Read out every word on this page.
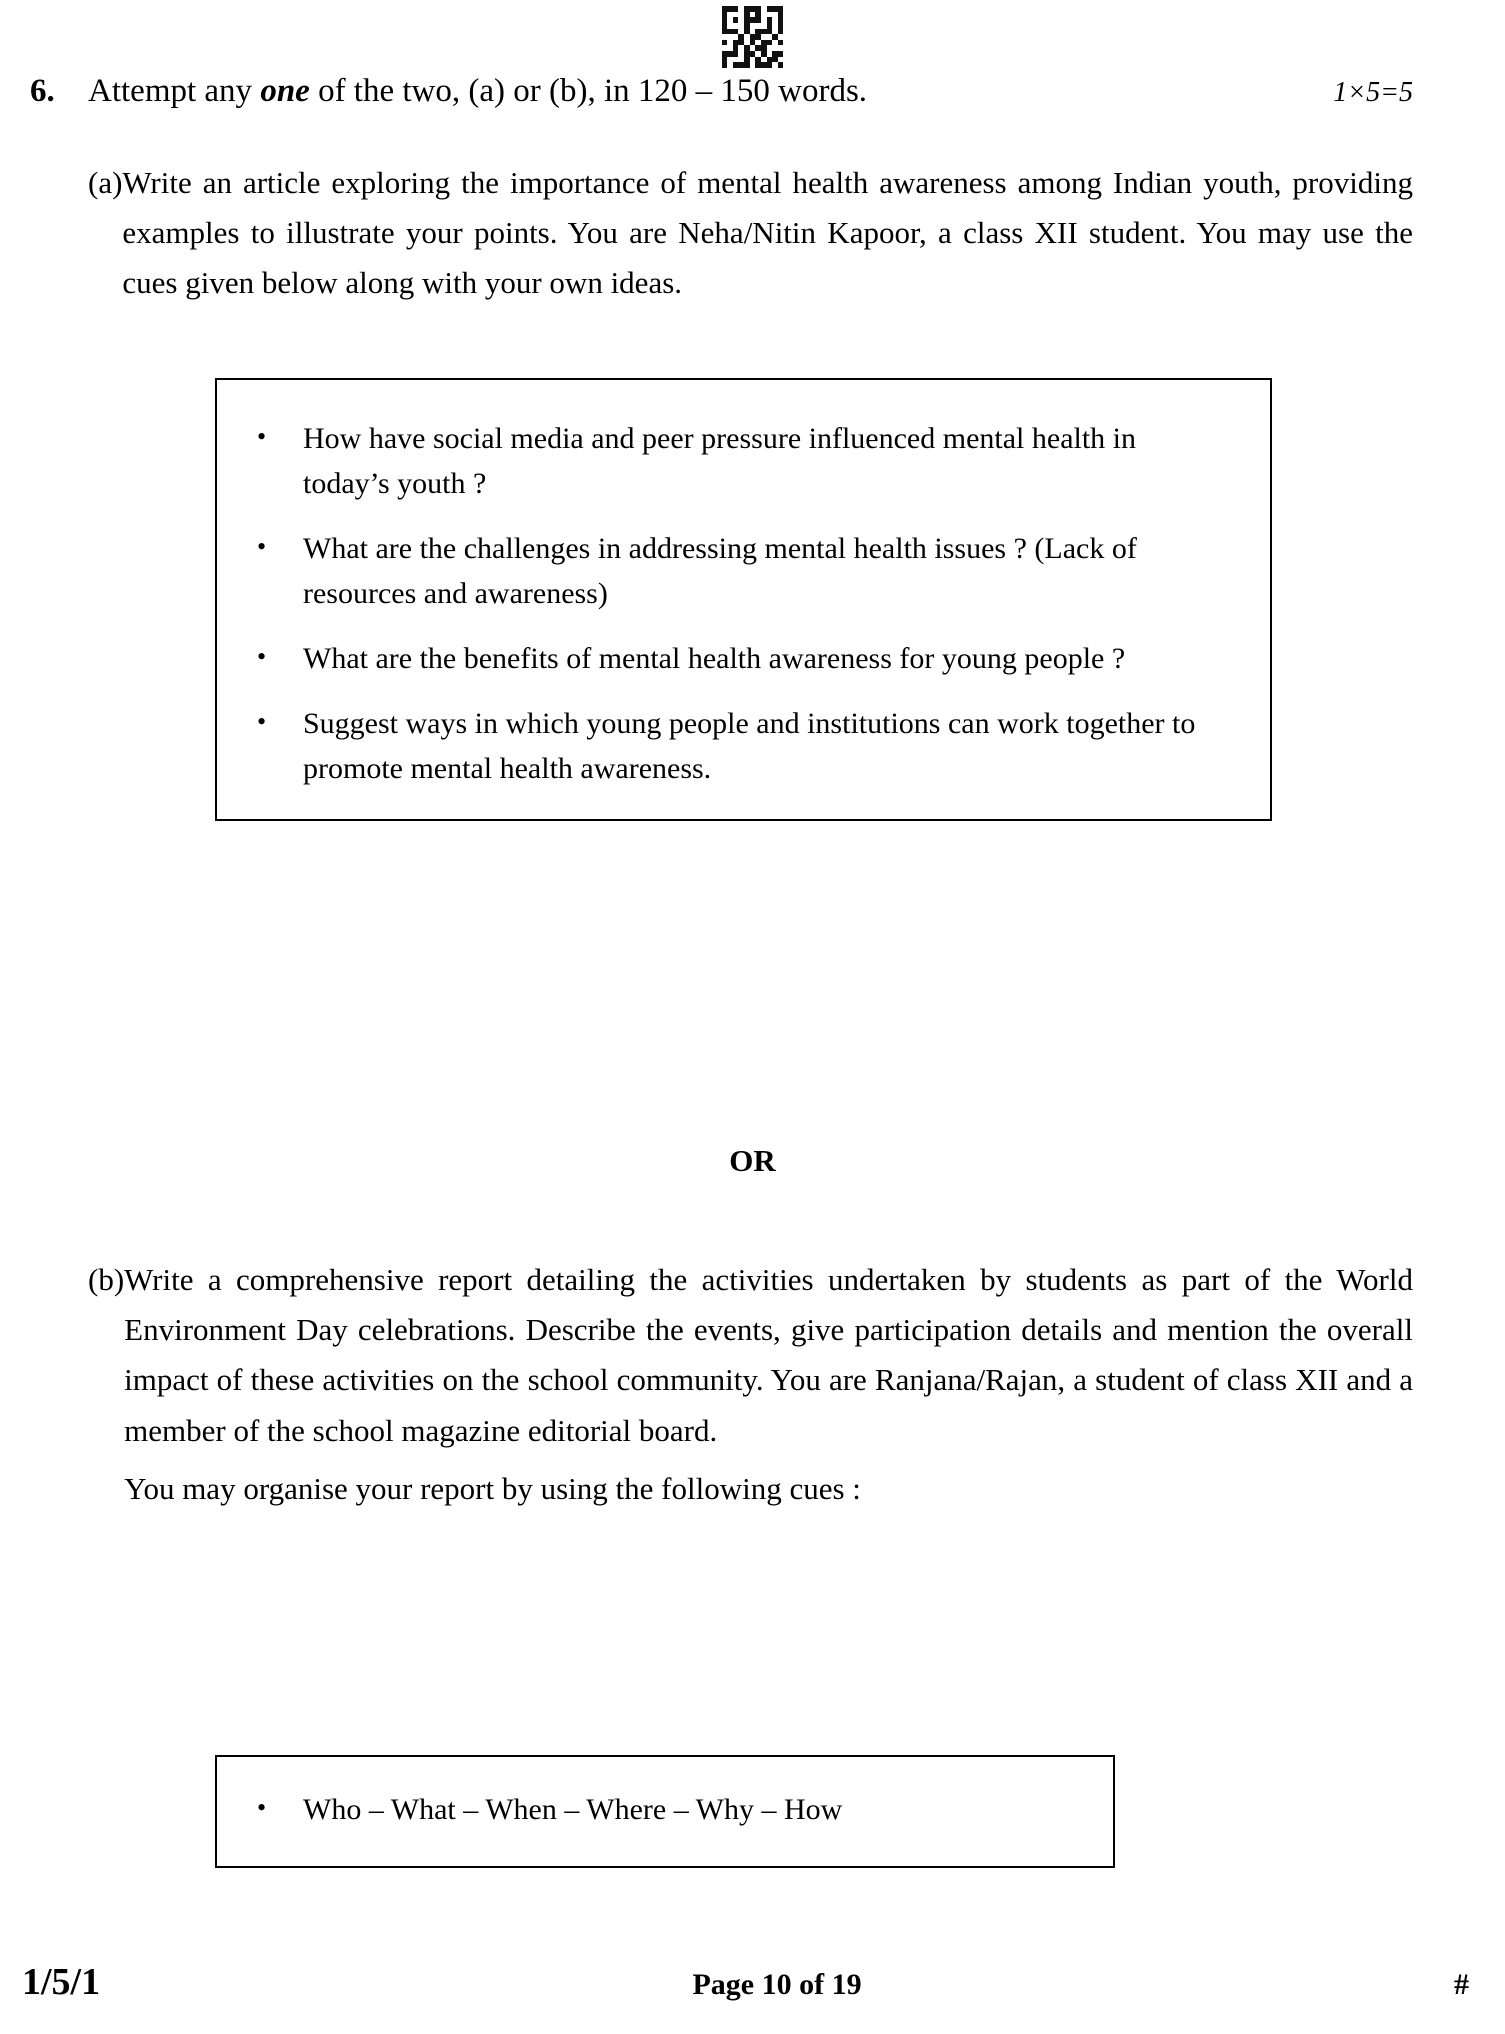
6.	Attempt any one of the two, (a) or (b), in 120 – 150 words.	1×5=5
(a) Write an article exploring the importance of mental health awareness among Indian youth, providing examples to illustrate your points. You are Neha/Nitin Kapoor, a class XII student. You may use the cues given below along with your own ideas.

•	How have social media and peer pressure influenced mental health in today’s youth ?
•	What are the challenges in addressing mental health issues ? (Lack of resources and awareness)
•	What are the benefits of mental health awareness for young people ?
•	Suggest ways in which young people and institutions can work together to promote mental health awareness.
OR
(b) Write a comprehensive report detailing the activities undertaken by students as part of the World Environment Day celebrations. Describe the events, give participation details and mention the overall impact of these activities on the school community. You are Ranjana/Rajan, a student of class XII and a member of the school magazine editorial board.

You may organise your report by using the following cues :

•	Who – What – When – Where – Why – How
1/5/1	Page 10 of 19	#
